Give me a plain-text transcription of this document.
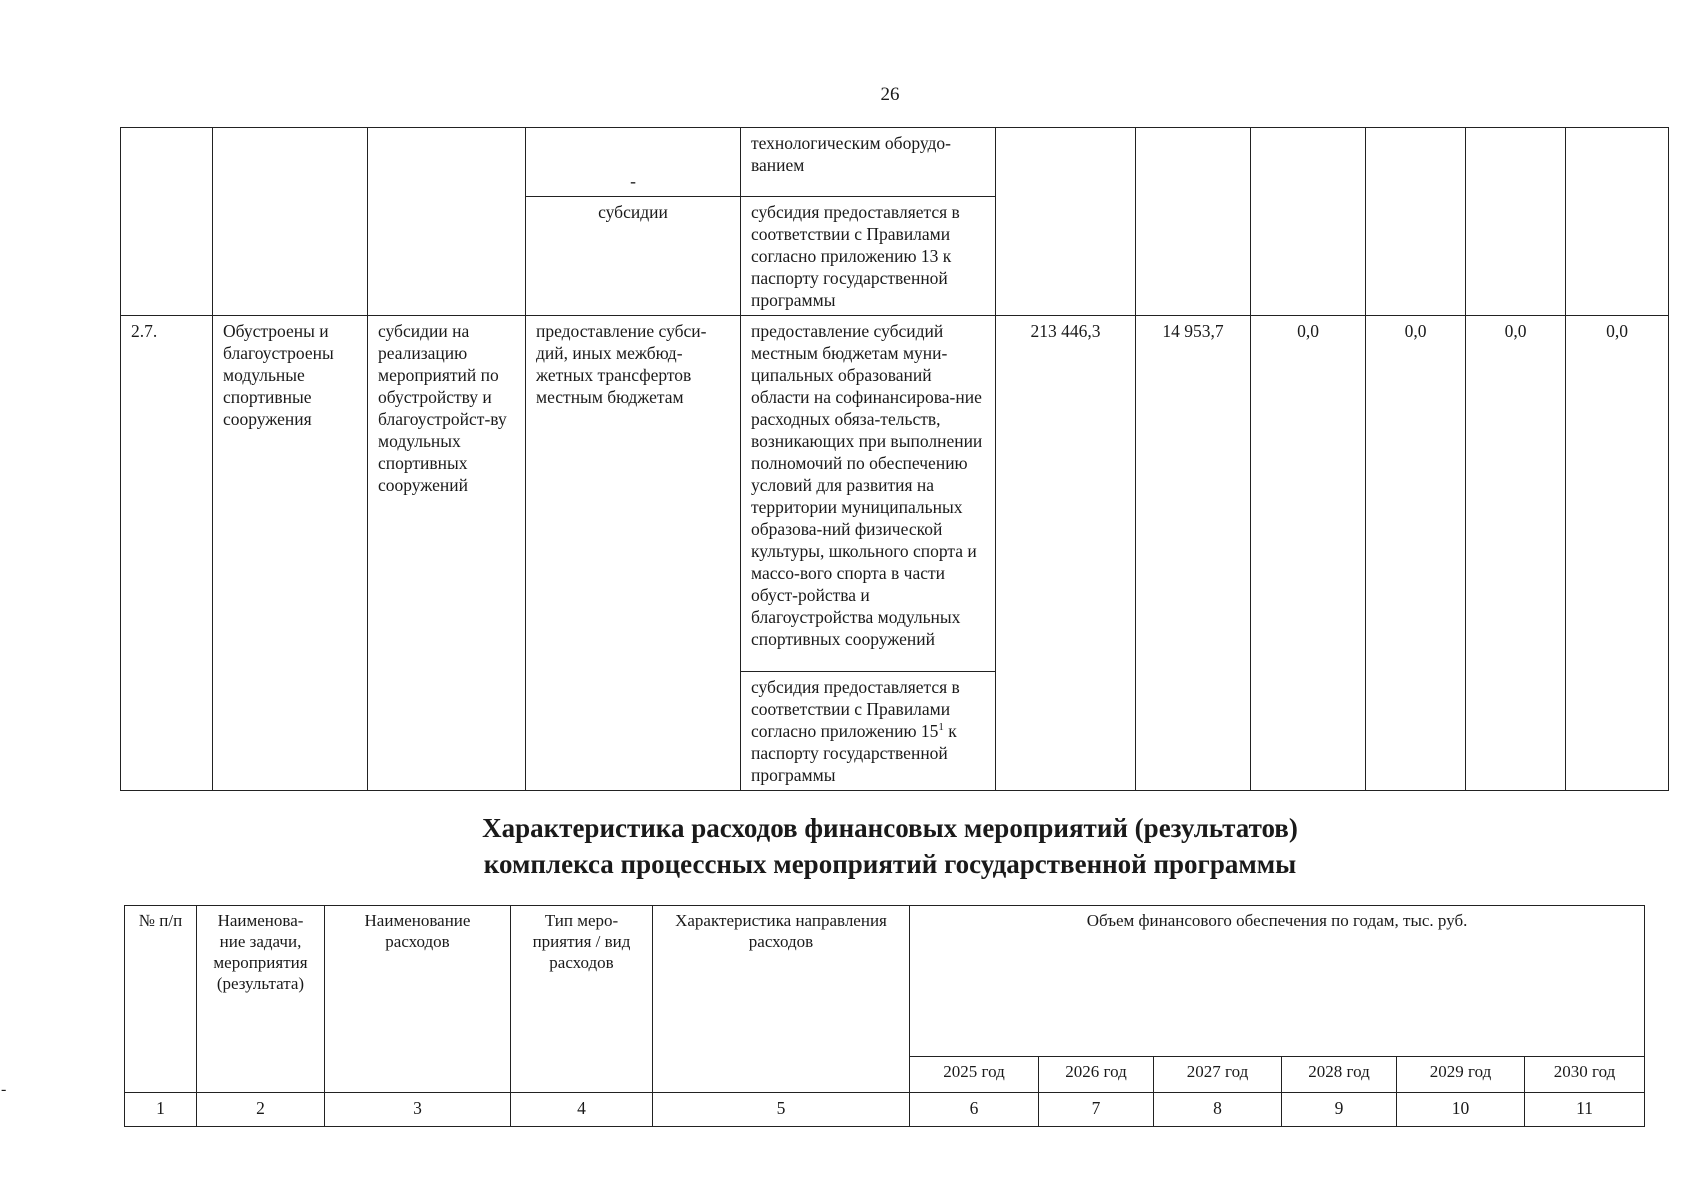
26
			-	технологическим оборудо-ванием						
			субсидии	субсидия предоставляется в соответствии с Правилами согласно приложению 13 к паспорту государственной программы						
2.7.	Обустроены и благоустроены модульные спортивные сооружения	субсидии на реализацию мероприятий по обустройству и благоустройст-ву модульных спортивных сооружений	предоставление субси-дий, иных межбюд-жетных трансфертов местным бюджетам	предоставление субсидий местным бюджетам муни-ципальных образований области на софинансирова-ние расходных обяза-тельств, возникающих при выполнении полномочий по обеспечению условий для развития на территории муниципальных образова-ний физической культуры, школьного спорта и массо-вого спорта в части обуст-ройства и благоустройства модульных спортивных сооружений	213 446,3	14 953,7	0,0	0,0	0,0	0,0
				субсидия предоставляется в соответствии с Правилами согласно приложению $15^1$ к паспорту государственной программы						
Характеристика расходов финансовых мероприятий (результатов)
комплекса процессных мероприятий государственной программы
№ п/п	Наименова-ние задачи, мероприятия (результата)	Наименование расходов	Тип меро-приятия / вид расходов	Характеристика направления расходов	Объем финансового обеспечения по годам, тыс. руб.					
					2025 год	2026 год	2027 год	2028 год	2029 год	2030 год
1	2	3	4	5	6	7	8	9	10	11
-
